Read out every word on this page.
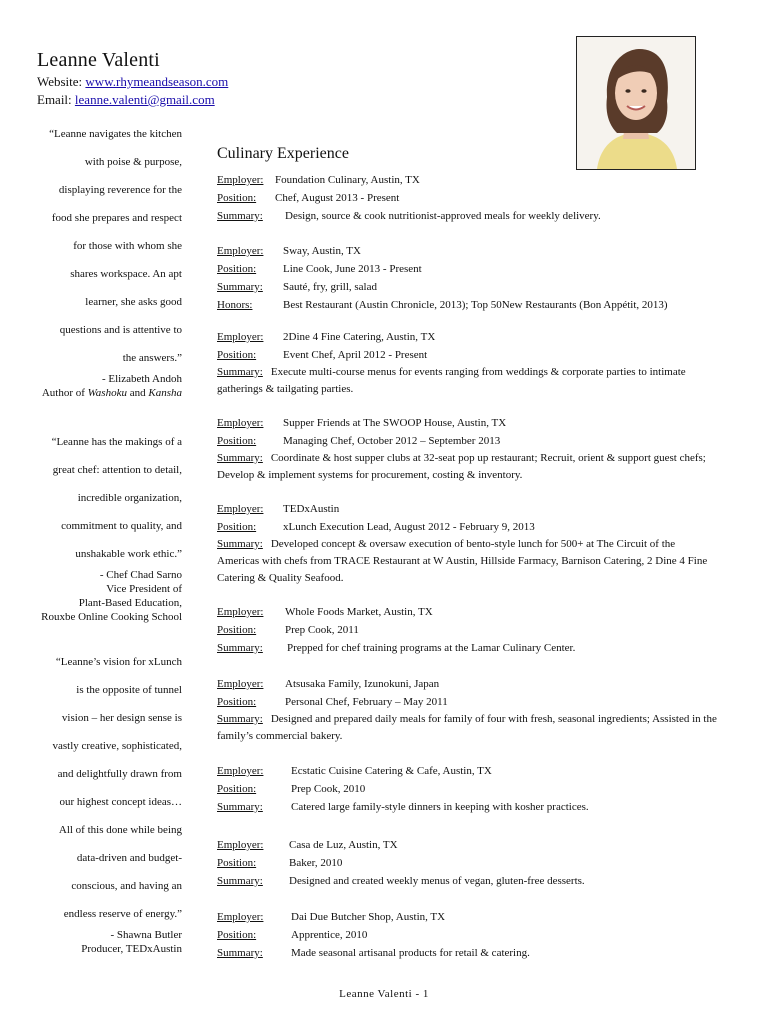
Leanne Valenti
Website: www.rhymeandseason.com
Email: leanne.valenti@gmail.com
“Leanne navigates the kitchen
with poise & purpose,
displaying reverence for the
food she prepares and respect
for those with whom she
shares workspace. An apt
learner, she asks good
questions and is attentive to
the answers.”
- Elizabeth Andoh
Author of Washoku and Kansha
“Leanne has the makings of a
great chef: attention to detail,
incredible organization,
commitment to quality, and
unshakable work ethic.”
- Chef Chad Sarno
Vice President of
Plant-Based Education,
Rouxbe Online Cooking School
“Leanne’s vision for xLunch
is the opposite of tunnel
vision – her design sense is
vastly creative, sophisticated,
and delightfully drawn from
our highest concept ideas…
All of this done while being
data-driven and budget-
conscious, and having an
endless reserve of energy.”
- Shawna Butler
Producer, TEDxAustin
Culinary Experience
Employer:	Foundation Culinary, Austin, TX
Position:	Chef, August 2013 - Present
Summary:	Design, source & cook nutritionist-approved meals for weekly delivery.
Employer:	Sway, Austin, TX
Position:	Line Cook, June 2013 - Present
Summary:	Sauté, fry, grill, salad
Honors:	Best Restaurant (Austin Chronicle, 2013); Top 50New Restaurants (Bon Appétit, 2013)
Employer:	2Dine 4 Fine Catering, Austin, TX
Position:	Event Chef, April 2012 - Present
Summary: Execute multi-course menus for events ranging from weddings & corporate parties to intimate gatherings & tailgating parties.
Employer:	Supper Friends at The SWOOP House, Austin, TX
Position:	Managing Chef, October 2012 – September 2013
Summary: Coordinate & host supper clubs at 32-seat pop up restaurant; Recruit, orient & support guest chefs; Develop & implement systems for procurement, costing & inventory.
Employer:	TEDxAustin
Position:	xLunch Execution Lead, August 2012 - February 9, 2013
Summary: Developed concept & oversaw execution of bento-style lunch for 500+ at The Circuit of the Americas with chefs from TRACE Restaurant at W Austin, Hillside Farmacy, Barnison Catering, 2 Dine 4 Fine Catering & Quality Seafood.
Employer:	Whole Foods Market, Austin, TX
Position:	Prep Cook, 2011
Summary:	Prepped for chef training programs at the Lamar Culinary Center.
Employer:	Atsusaka Family, Izunokuni, Japan
Position:	Personal Chef, February – May 2011
Summary: Designed and prepared daily meals for family of four with fresh, seasonal ingredients; Assisted in the family’s commercial bakery.
Employer:	Ecstatic Cuisine Catering & Cafe, Austin, TX
Position:	Prep Cook, 2010
Summary:	Catered large family-style dinners in keeping with kosher practices.
Employer:	Casa de Luz, Austin, TX
Position:	Baker, 2010
Summary:	Designed and created weekly menus of vegan, gluten-free desserts.
Employer:	Dai Due Butcher Shop, Austin, TX
Position:	Apprentice, 2010
Summary:	Made seasonal artisanal products for retail & catering.
Leanne Valenti - 1
